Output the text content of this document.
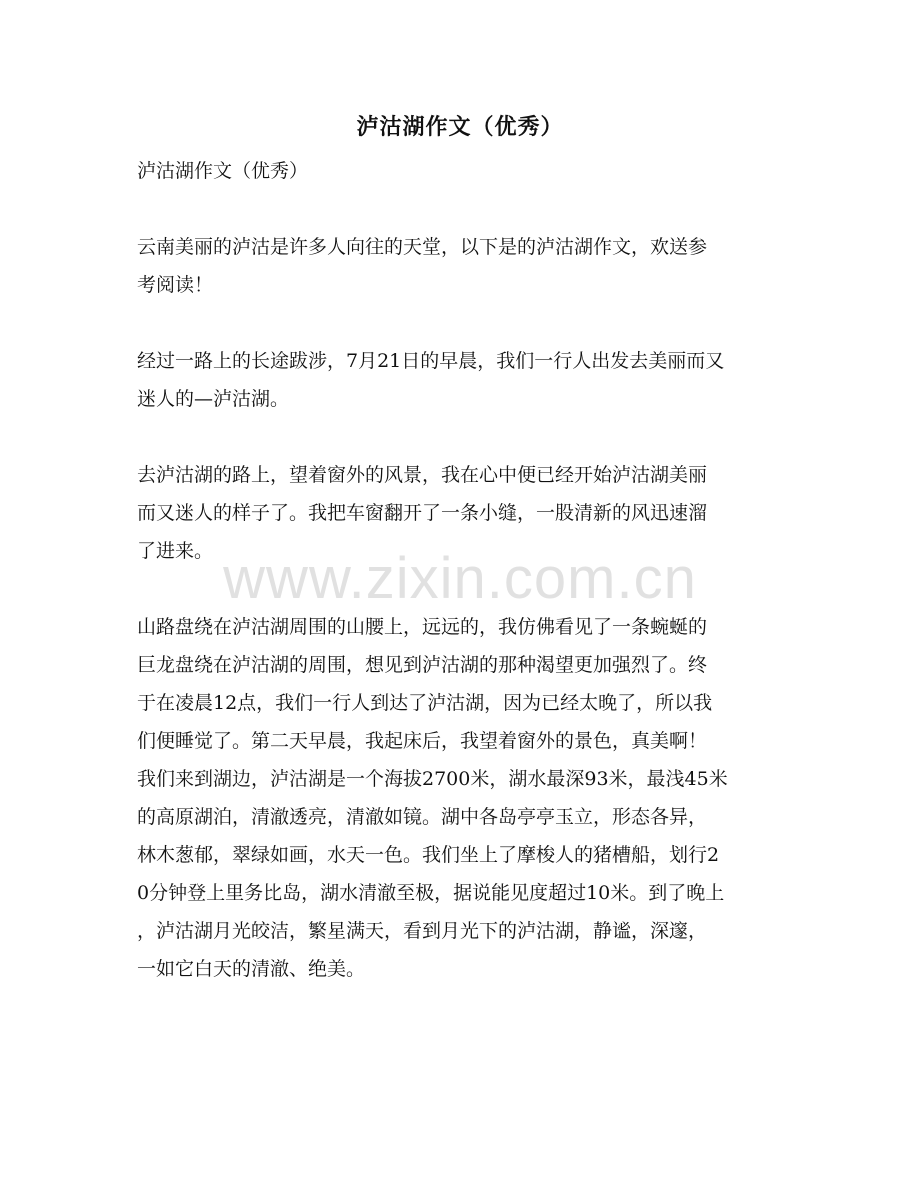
泸沽湖作文（优秀）
泸沽湖作文（优秀）
云南美丽的泸沽是许多人向往的天堂，以下是的泸沽湖作文，欢送参
考阅读！
经过一路上的长途跋涉，7月21日的早晨，我们一行人出发去美丽而又
迷人的—泸沽湖。
去泸沽湖的路上，望着窗外的风景，我在心中便已经开始泸沽湖美丽
而又迷人的样子了。我把车窗翻开了一条小缝，一股清新的风迅速溜
了进来。
山路盘绕在泸沽湖周围的山腰上，远远的，我仿佛看见了一条蜿蜒的
巨龙盘绕在泸沽湖的周围，想见到泸沽湖的那种渴望更加强烈了。终
于在凌晨12点，我们一行人到达了泸沽湖，因为已经太晚了，所以我
们便睡觉了。第二天早晨，我起床后，我望着窗外的景色，真美啊！
我们来到湖边，泸沽湖是一个海拔2700米，湖水最深93米，最浅45米
的高原湖泊，清澈透亮，清澈如镜。湖中各岛亭亭玉立，形态各异，
林木葱郁，翠绿如画，水天一色。我们坐上了摩梭人的猪槽船，划行2
0分钟登上里务比岛，湖水清澈至极，据说能见度超过10米。到了晚上
，泸沽湖月光皎洁，繁星满天，看到月光下的泸沽湖，静谧，深邃，
一如它白天的清澈、绝美。
www.zixin.com.cn
